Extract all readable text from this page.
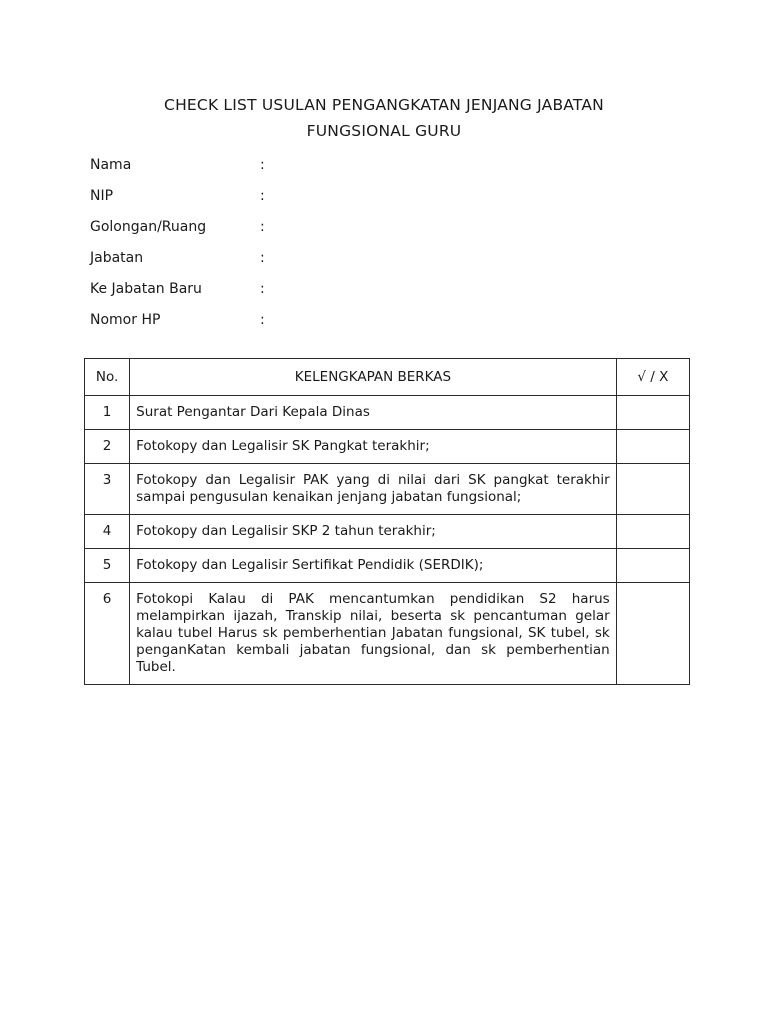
CHECK LIST USULAN PENGANGKATAN JENJANG JABATAN
FUNGSIONAL GURU
Nama	:
NIP	:
Golongan/Ruang	:
Jabatan	:
Ke Jabatan Baru	:
Nomor HP	:
No.	KELENGKAPAN BERKAS	√ / X
1	Surat Pengantar Dari Kepala Dinas	
2	Fotokopy dan Legalisir SK Pangkat terakhir;	
3	Fotokopy dan Legalisir PAK yang di nilai dari SK pangkat terakhir sampai pengusulan kenaikan jenjang jabatan fungsional;	
4	Fotokopy dan Legalisir SKP 2 tahun terakhir;	
5	Fotokopy dan Legalisir Sertifikat Pendidik (SERDIK);	
6	Fotokopi Kalau di PAK mencantumkan pendidikan S2 harus melampirkan ijazah, Transkip nilai, beserta sk pencantuman gelar kalau tubel Harus sk pemberhentian Jabatan fungsional, SK tubel, sk penganKatan kembali jabatan fungsional, dan sk pemberhentian Tubel.	
